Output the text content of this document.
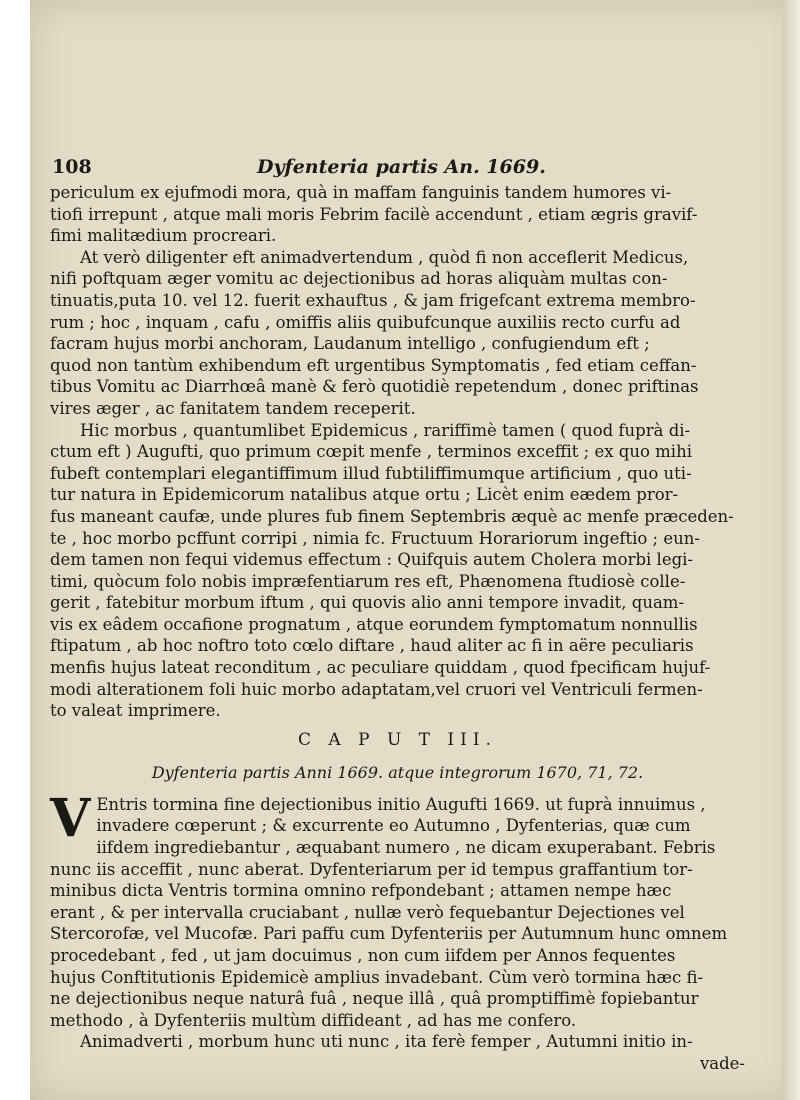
108	Dyfenteria partis An. 1669.
periculum ex ejufmodi mora, quà in maffam fanguinis tandem humores vi-
tiofi irrepunt , atque mali moris Febrim facilè accendunt , etiam ægris gravif-
fimi malitædium procreari.
At verò diligenter eft animadvertendum , quòd fi non acceflerit Medicus,
nifi poftquam æger vomitu ac dejectionibus ad horas aliquàm multas con-
tinuatis,puta 10. vel 12. fuerit exhauftus , & jam frigefcant extrema membro-
rum ; hoc , inquam , cafu , omiffis aliis quibufcunque auxiliis recto curfu ad
facram hujus morbi anchoram, Laudanum intelligo , confugiendum eft ;
quod non tantùm exhibendum eft urgentibus Symptomatis , fed etiam ceffan-
tibus Vomitu ac Diarrhœâ manè & ferò quotidiè repetendum , donec priftinas
vires æger , ac fanitatem tandem receperit.
Hic morbus , quantumlibet Epidemicus , rariffimè tamen ( quod fuprà di-
ctum eft ) Augufti, quo primum cœpit menfe , terminos exceffit ; ex quo mihi
fubeft contemplari elegantiffimum illud fubtiliffimumque artificium , quo uti-
tur natura in Epidemicorum natalibus atque ortu ; Licèt enim eædem pror-
fus maneant caufæ, unde plures fub finem Septembris æquè ac menfe præceden-
te , hoc morbo pcffunt corripi , nimia fc. Fructuum Horariorum ingeftio ; eun-
dem tamen non fequi videmus effectum : Quifquis autem Cholera morbi legi-
timi, quòcum folo nobis impræfentiarum res eft, Phænomena ftudiosè colle-
gerit , fatebitur morbum iftum , qui quovis alio anni tempore invadit, quam-
vis ex eâdem occafione prognatum , atque eorundem fymptomatum nonnullis
ftipatum , ab hoc noftro toto cœlo diftare , haud aliter ac fi in aëre peculiaris
menfis hujus lateat reconditum , ac peculiare quiddam , quod fpecificam hujuf-
modi alterationem foli huic morbo adaptatam,vel cruori vel Ventriculi fermen-
to valeat imprimere.
C A P U T III.
Dyfenteria partis Anni 1669. atque integrorum 1670, 71, 72.
V Entris tormina fine dejectionibus initio Augufti 1669. ut fuprà innuimus ,
invadere cœperunt ; & excurrente eo Autumno , Dyfenterias, quæ cum
iifdem ingrediebantur , æquabant numero , ne dicam exuperabant. Febris
nunc iis acceffit , nunc aberat. Dyfenteriarum per id tempus graffantium tor-
minibus dicta Ventris tormina omnino refpondebant ; attamen nempe hæc
erant , & per intervalla cruciabant , nullæ verò fequebantur Dejectiones vel
Stercorofæ, vel Mucofæ. Pari paffu cum Dyfenteriis per Autumnum hunc omnem
procedebant , fed , ut jam docuimus , non cum iifdem per Annos fequentes
hujus Conftitutionis Epidemicè amplius invadebant. Cùm verò tormina hæc fi-
ne dejectionibus neque naturâ fuâ , neque illâ , quâ promptiffimè fopiebantur
methodo , à Dyfenteriis multùm diffideant , ad has me confero.
Animadverti , morbum hunc uti nunc , ita ferè femper , Autumni initio in-
vade-
